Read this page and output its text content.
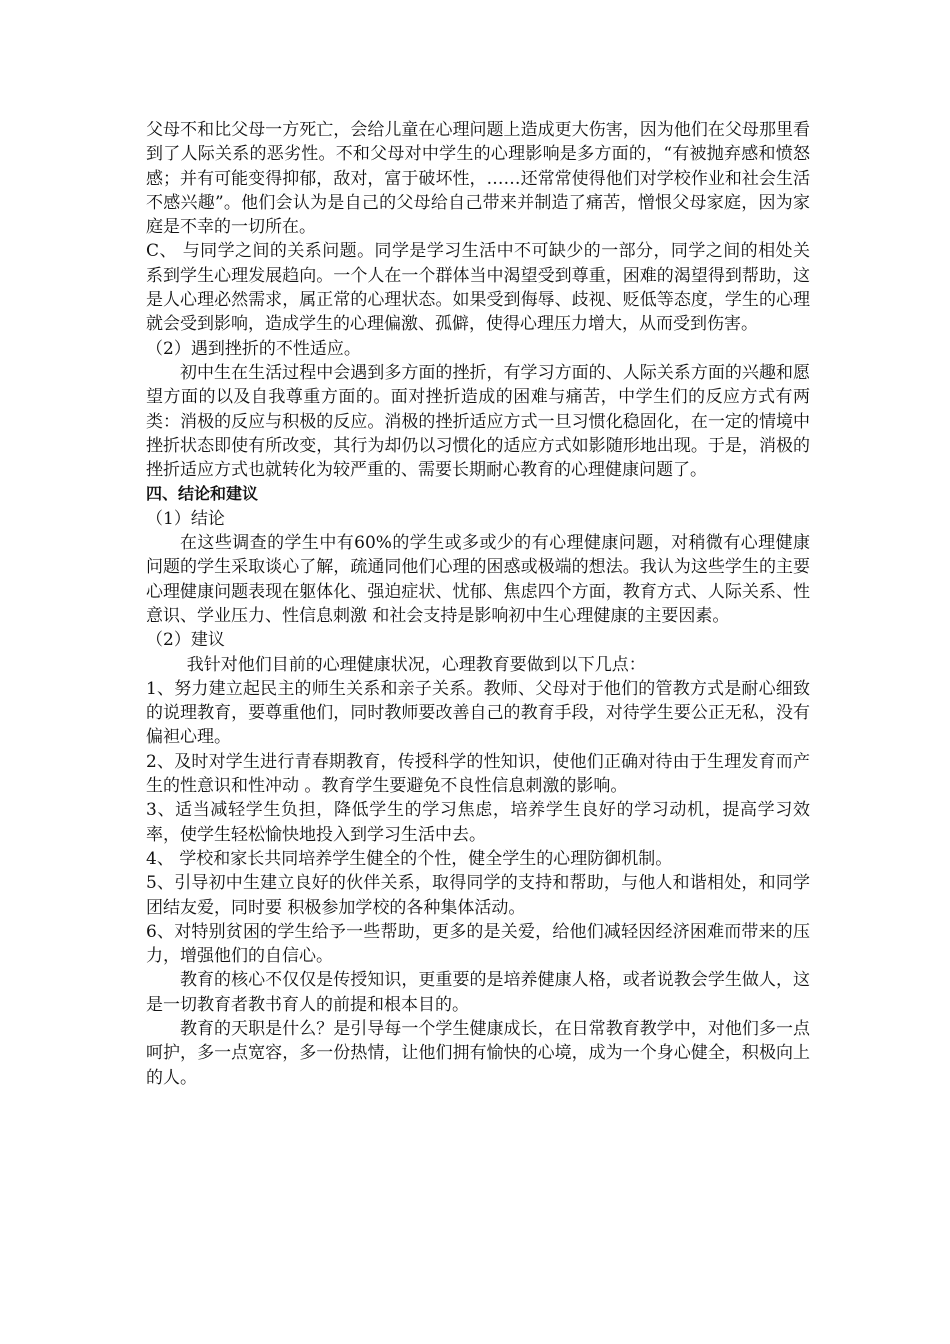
父母不和比父母一方死亡，会给儿童在心理问题上造成更大伤害，因为他们在父母那里看到了人际关系的恶劣性。不和父母对中学生的心理影响是多方面的，“有被抛弃感和愤怒感；并有可能变得抑郁，敌对，富于破坏性，……还常常使得他们对学校作业和社会生活不感兴趣”。他们会认为是自己的父母给自己带来并制造了痛苦，憎恨父母家庭，因为家庭是不幸的一切所在。

C、 与同学之间的关系问题。同学是学习生活中不可缺少的一部分，同学之间的相处关系到学生心理发展趋向。一个人在一个群体当中渴望受到尊重，困难的渴望得到帮助，这是人心理必然需求，属正常的心理状态。如果受到侮辱、歧视、贬低等态度，学生的心理就会受到影响，造成学生的心理偏激、孤僻，使得心理压力增大，从而受到伤害。

（2）遇到挫折的不性适应。

初中生在生活过程中会遇到多方面的挫折，有学习方面的、人际关系方面的兴趣和愿望方面的以及自我尊重方面的。面对挫折造成的困难与痛苦，中学生们的反应方式有两类：消极的反应与积极的反应。消极的挫折适应方式一旦习惯化稳固化，在一定的情境中挫折状态即使有所改变，其行为却仍以习惯化的适应方式如影随形地出现。于是，消极的挫折适应方式也就转化为较严重的、需要长期耐心教育的心理健康问题了。

四、结论和建议

（1）结论

在这些调查的学生中有60%的学生或多或少的有心理健康问题，对稍微有心理健康问题的学生采取谈心了解，疏通同他们心理的困惑或极端的想法。我认为这些学生的主要心理健康问题表现在躯体化、强迫症状、忧郁、焦虑四个方面，教育方式、人际关系、性意识、学业压力、性信息刺激 和社会支持是影响初中生心理健康的主要因素。

（2）建议

我针对他们目前的心理健康状况，心理教育要做到以下几点：

1、努力建立起民主的师生关系和亲子关系。教师、父母对于他们的管教方式是耐心细致的说理教育，要尊重他们，同时教师要改善自己的教育手段，对待学生要公正无私，没有偏袒心理。

2、及时对学生进行青春期教育，传授科学的性知识，使他们正确对待由于生理发育而产生的性意识和性冲动 。教育学生要避免不良性信息刺激的影响。

3、适当减轻学生负担，降低学生的学习焦虑，培养学生良好的学习动机，提高学习效率，使学生轻松愉快地投入到学习生活中去。

4、 学校和家长共同培养学生健全的个性，健全学生的心理防御机制。

5、引导初中生建立良好的伙伴关系，取得同学的支持和帮助，与他人和谐相处，和同学团结友爱，同时要 积极参加学校的各种集体活动。

6、对特别贫困的学生给予一些帮助，更多的是关爱，给他们减轻因经济困难而带来的压力，增强他们的自信心。

教育的核心不仅仅是传授知识，更重要的是培养健康人格，或者说教会学生做人，这是一切教育者教书育人的前提和根本目的。

教育的天职是什么？是引导每一个学生健康成长，在日常教育教学中，对他们多一点呵护，多一点宽容，多一份热情，让他们拥有愉快的心境，成为一个身心健全，积极向上的人。
